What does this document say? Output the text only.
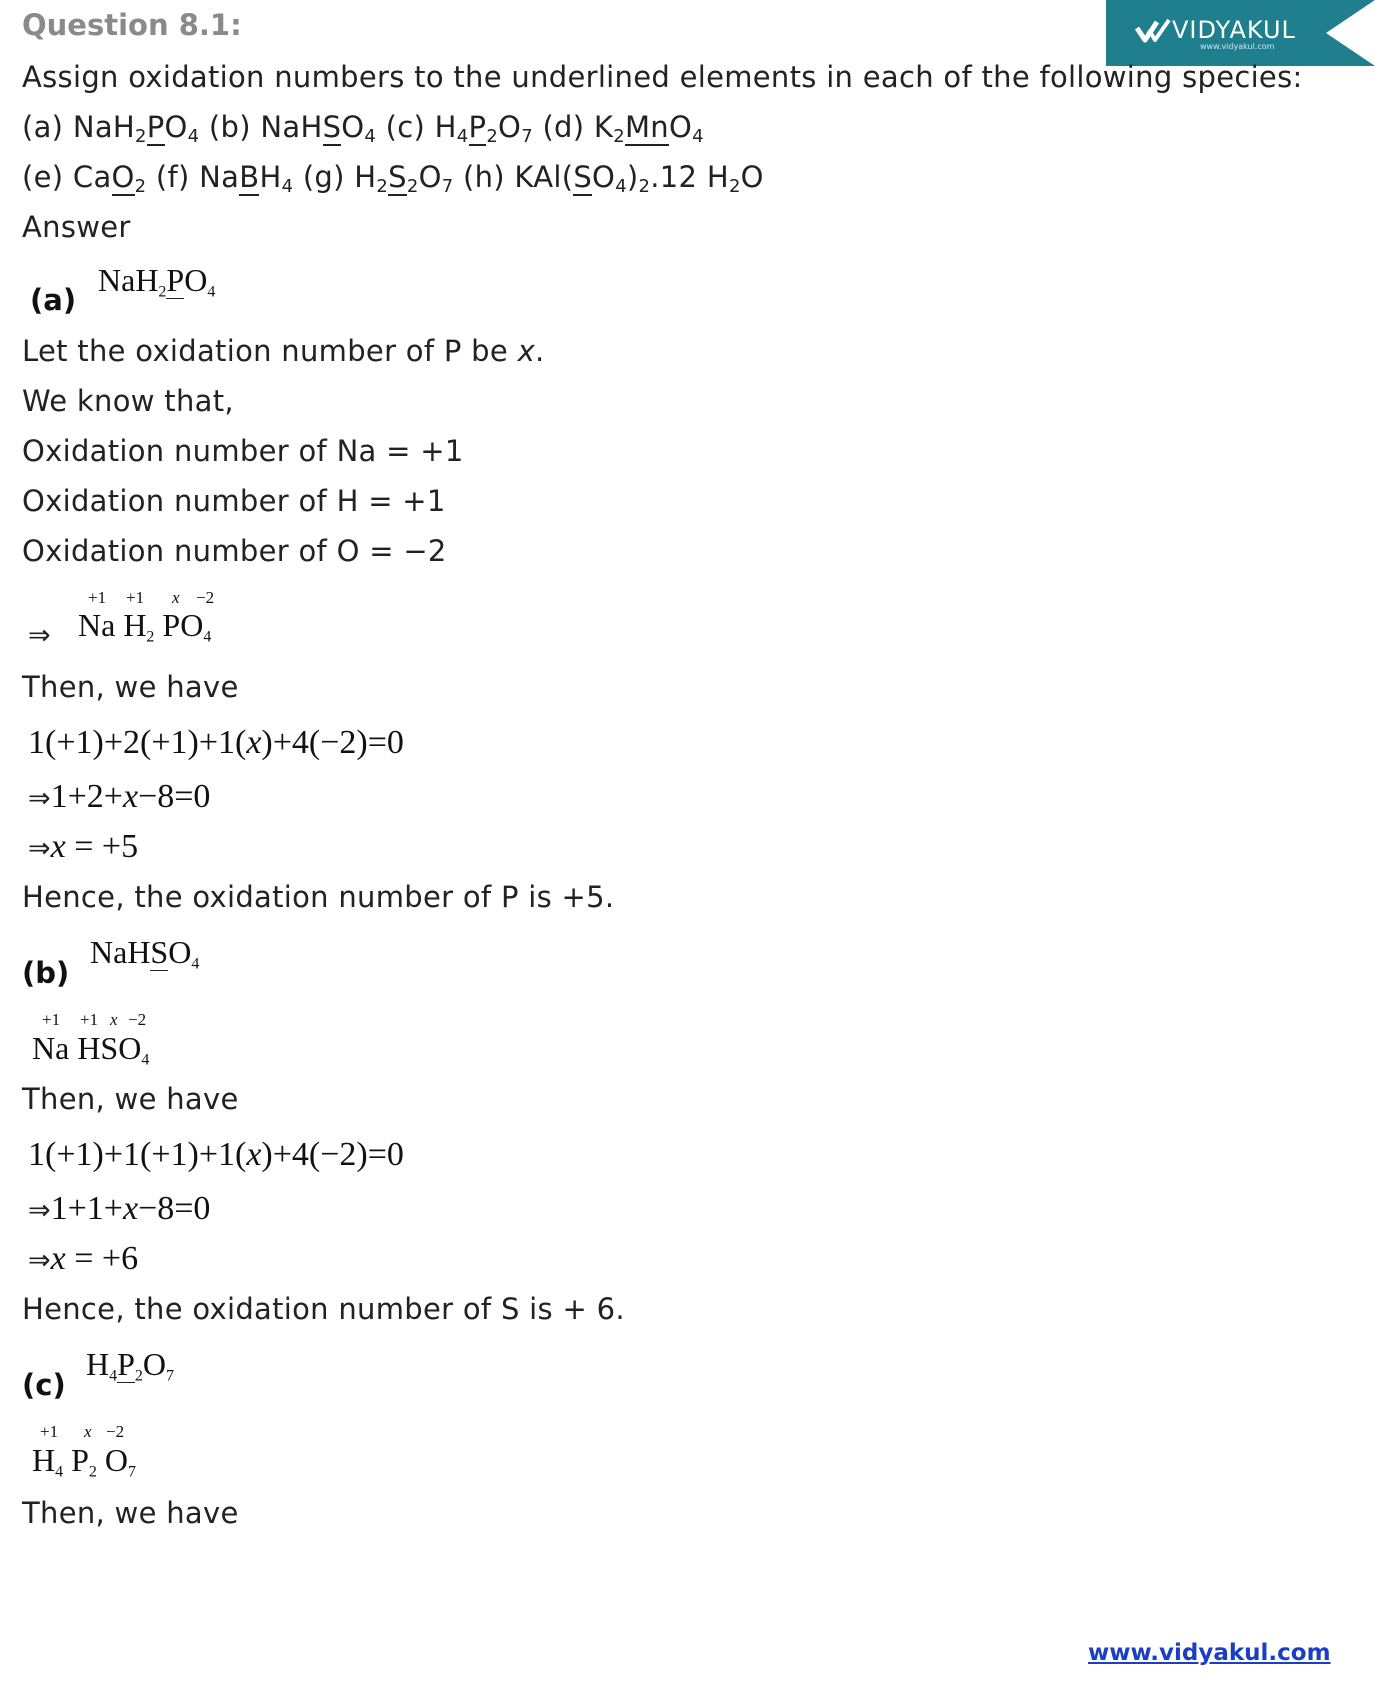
VIDYAKUL
www.vidyakul.com
Question 8.1:
Assign oxidation numbers to the underlined elements in each of the following species:
(a) $NaH_2PO_4$ (b) NaHSO$_4$ (c) $H_4P_2O_7$ (d) $K_2MnO_4$
(e) CaO$_2$ (f) NaBH$_4$ (g) $H_2S_2O_7$ (h) $KAl(SO_4)_2.12$ $H_2O$
Answer
(a)
$NaH_2PO_4$
Let the oxidation number of P be x.
We know that,
Oxidation number of Na = +1
Oxidation number of H = +1
Oxidation number of O = −2
+1 +1 x −2
⇒ Na $H_2$ $PO_4$
Then, we have
1(+1)+2(+1)+1(x)+4(−2)=0
⇒1+2+x−8=0
⇒x = +5
Hence, the oxidation number of P is +5.
(b)
NaHSO$_4$
+1 +1 x −2
Na $HSO_4$
Then, we have
1(+1)+1(+1)+1(x)+4(−2)=0
⇒1+1+x−8=0
⇒x = +6
Hence, the oxidation number of S is + 6.
(c)
$H_4P_2O_7$
+1 x −2
$H_4$ $P_2$ $O_7$
Then, we have
www.vidyakul.com
